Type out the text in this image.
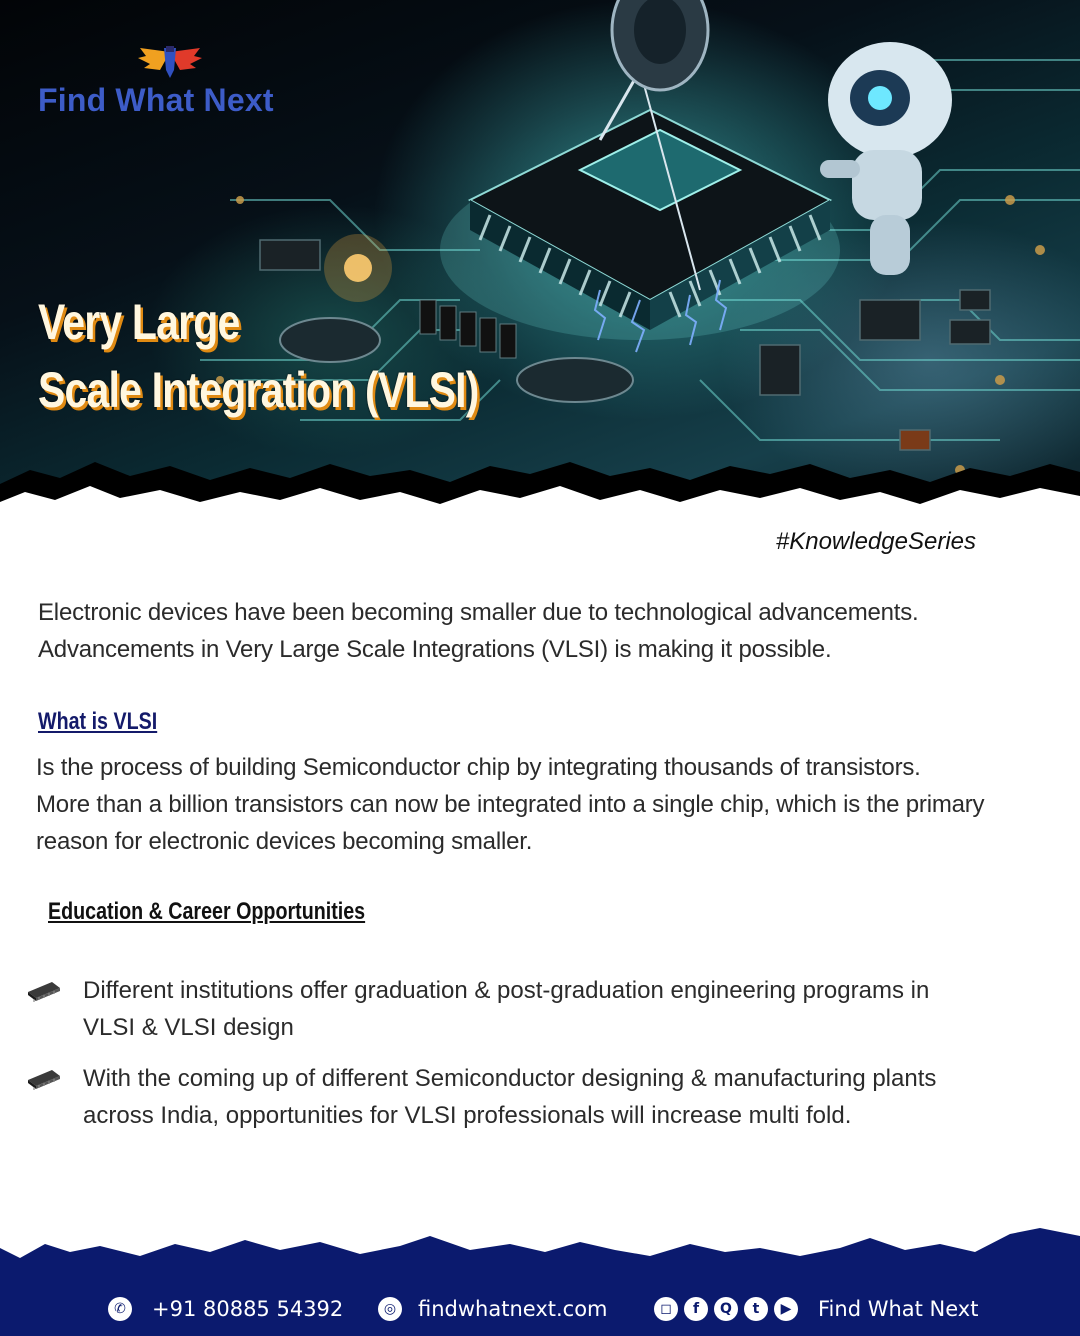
Find What Next
Very Large
Scale Integration (VLSI)
#KnowledgeSeries

Electronic devices have been becoming smaller due to technological advancements.

Advancements in Very Large Scale Integrations (VLSI) is making it possible.

What is VLSI

Is the process of building Semiconductor chip by integrating thousands of transistors.

More than a billion transistors can now be integrated into a single chip, which is the primary

reason for electronic devices becoming smaller.

Education & Career Opportunities

Different institutions offer graduation & post-graduation engineering programs in

VLSI & VLSI design

With the coming up of different Semiconductor designing & manufacturing plants

across India, opportunities for VLSI professionals will increase multi fold.

✆ +91 80885 54392	◎ findwhatnext.com	◻	f	Q	t	▶	Find What Next
